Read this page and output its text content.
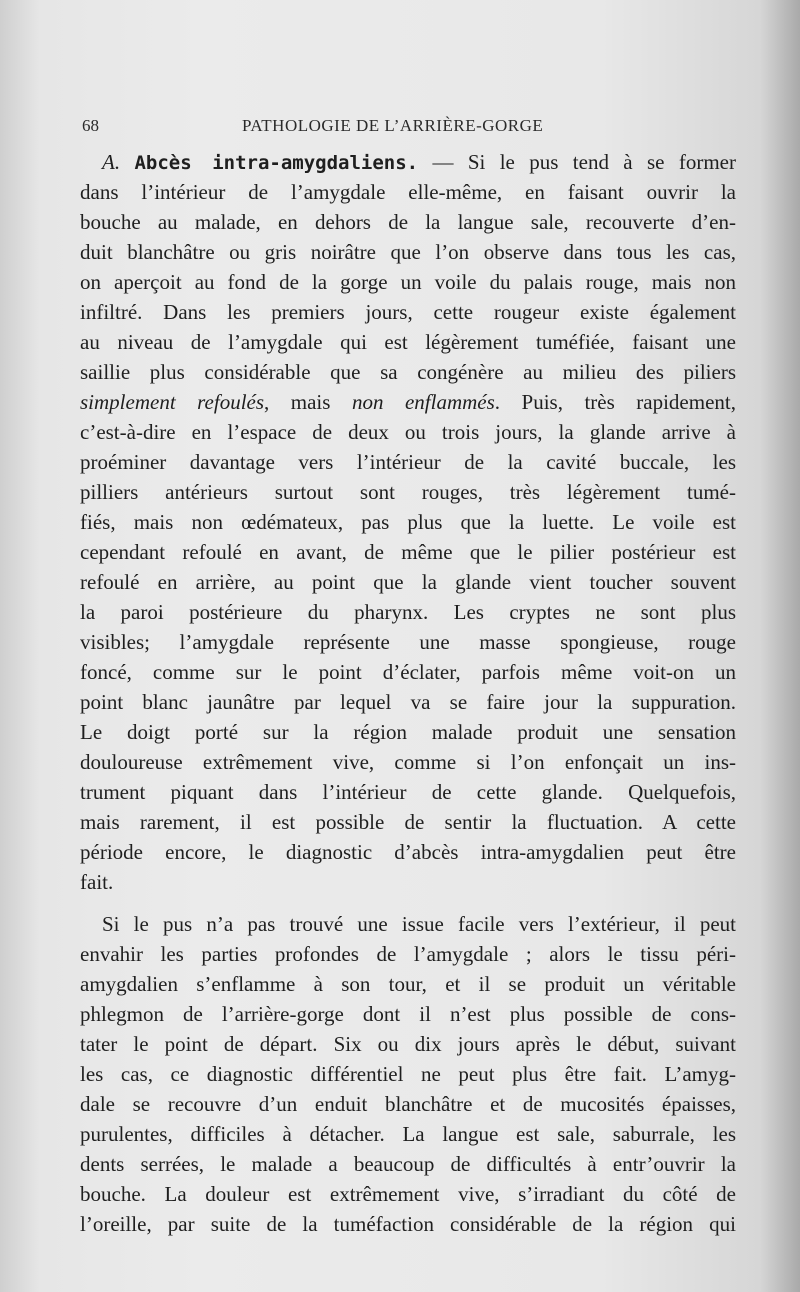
68	PATHOLOGIE DE L’ARRIÈRE-GORGE
A. Abcès intra-amygdaliens. — Si le pus tend à se former
dans l’intérieur de l’amygdale elle-même, en faisant ouvrir la
bouche au malade, en dehors de la langue sale, recouverte d’en-
duit blanchâtre ou gris noirâtre que l’on observe dans tous les cas,
on aperçoit au fond de la gorge un voile du palais rouge, mais non
infiltré. Dans les premiers jours, cette rougeur existe également
au niveau de l’amygdale qui est légèrement tuméfiée, faisant une
saillie plus considérable que sa congénère au milieu des piliers
simplement refoulés, mais non enflammés. Puis, très rapidement,
c’est-à-dire en l’espace de deux ou trois jours, la glande arrive à
proéminer davantage vers l’intérieur de la cavité buccale, les
pilliers antérieurs surtout sont rouges, très légèrement tumé-
fiés, mais non œdémateux, pas plus que la luette. Le voile est
cependant refoulé en avant, de même que le pilier postérieur est
refoulé en arrière, au point que la glande vient toucher souvent
la paroi postérieure du pharynx. Les cryptes ne sont plus
visibles; l’amygdale représente une masse spongieuse, rouge
foncé, comme sur le point d’éclater, parfois même voit-on un
point blanc jaunâtre par lequel va se faire jour la suppuration.
Le doigt porté sur la région malade produit une sensation
douloureuse extrêmement vive, comme si l’on enfonçait un ins-
trument piquant dans l’intérieur de cette glande. Quelquefois,
mais rarement, il est possible de sentir la fluctuation. A cette
période encore, le diagnostic d’abcès intra-amygdalien peut être
fait.
Si le pus n’a pas trouvé une issue facile vers l’extérieur, il peut
envahir les parties profondes de l’amygdale ; alors le tissu péri-
amygdalien s’enflamme à son tour, et il se produit un véritable
phlegmon de l’arrière-gorge dont il n’est plus possible de cons-
tater le point de départ. Six ou dix jours après le début, suivant
les cas, ce diagnostic différentiel ne peut plus être fait. L’amyg-
dale se recouvre d’un enduit blanchâtre et de mucosités épaisses,
purulentes, difficiles à détacher. La langue est sale, saburrale, les
dents serrées, le malade a beaucoup de difficultés à entr’ouvrir la
bouche. La douleur est extrêmement vive, s’irradiant du côté de
l’oreille, par suite de la tuméfaction considérable de la région qui
